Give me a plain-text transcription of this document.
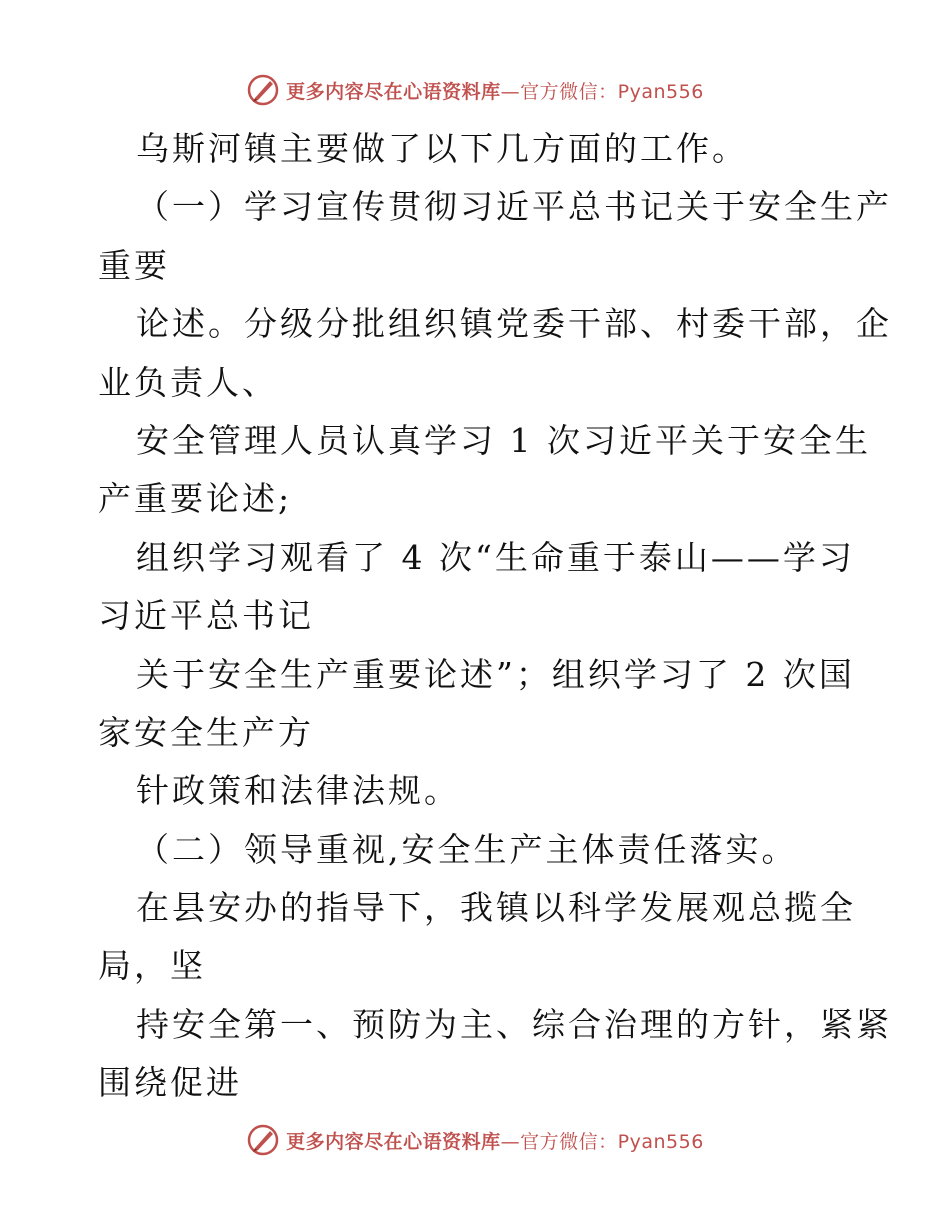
更多内容尽在心语资料库—官方微信：Pyan556
乌斯河镇主要做了以下几方面的工作。
（一）学习宣传贯彻习近平总书记关于安全生产
重要
论述。分级分批组织镇党委干部、村委干部，企
业负责人、
安全管理人员认真学习 1 次习近平关于安全生
产重要论述;
组织学习观看了 4 次“生命重于泰山——学习
习近平总书记
关于安全生产重要论述”；组织学习了 2 次国
家安全生产方
针政策和法律法规。
（二）领导重视,安全生产主体责任落实。
在县安办的指导下，我镇以科学发展观总揽全
局，坚
持安全第一、预防为主、综合治理的方针，紧紧
围绕促进
更多内容尽在心语资料库—官方微信：Pyan556
